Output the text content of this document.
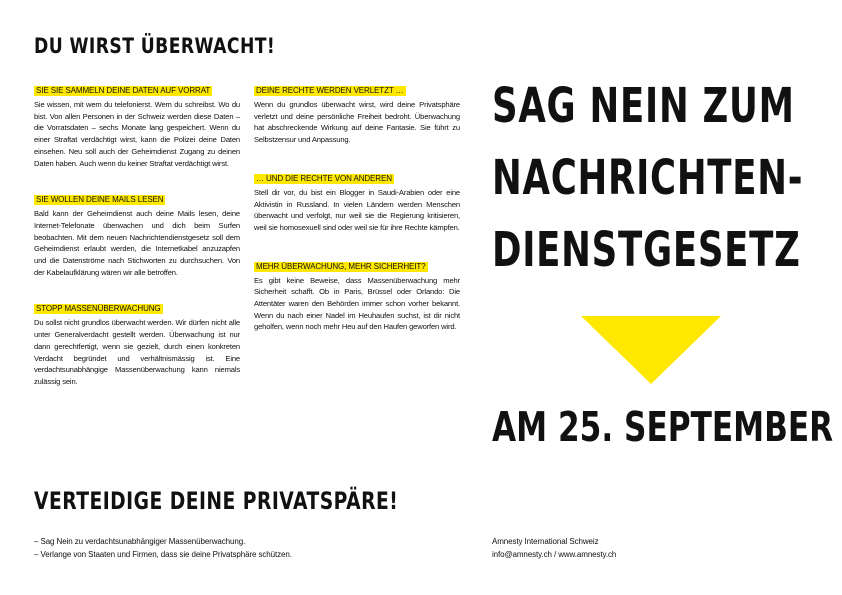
DU WIRST ÜBERWACHT!
SIE SIE SAMMELN DEINE DATEN AUF VORRAT

Sie wissen, mit wem du telefonierst. Wem du schreibst. Wo du bist. Von allen Personen in der Schweiz werden diese Daten – die Vorratsdaten – sechs Monate lang gespeichert. Wenn du einer Straftat verdächtigt wirst, kann die Polizei deine Daten einsehen. Neu soll auch der Geheimdienst Zugang zu deinen Daten haben. Auch wenn du keiner Straftat verdächtigt wirst.

SIE WOLLEN DEINE MAILS LESEN

Bald kann der Geheimdienst auch deine Mails lesen, deine Internet-Telefonate überwachen und dich beim Surfen beobachten. Mit dem neuen Nachrichtendienstgesetz soll dem Geheimdienst erlaubt werden, die Internetkabel anzuzapfen und die Datenströme nach Stichworten zu durchsuchen. Von der Kabelaufklärung wären wir alle betroffen.

STOPP MASSENÜBERWACHUNG

Du sollst nicht grundlos überwacht werden. Wir dürfen nicht alle unter Generalverdacht gestellt werden. Überwachung ist nur dann gerechtfertigt, wenn sie gezielt, durch einen konkreten Verdacht begründet und verhältnismässig ist. Eine verdachtsunabhängige Massenüberwachung kann niemals zulässig sein.

DEINE RECHTE WERDEN VERLETZT …

Wenn du grundlos überwacht wirst, wird deine Privatsphäre verletzt und deine persönliche Freiheit bedroht. Überwachung hat abschreckende Wirkung auf deine Fantasie. Sie führt zu Selbstzensur und Anpassung.

… UND DIE RECHTE VON ANDEREN

Stell dir vor, du bist ein Blogger in Saudi-Arabien oder eine Aktivistin in Russland. In vielen Ländern werden Menschen überwacht und verfolgt, nur weil sie die Regierung kritisieren, weil sie homosexuell sind oder weil sie für ihre Rechte kämpfen.

MEHR ÜBERWACHUNG, MEHR SICHERHEIT?

Es gibt keine Beweise, dass Massenüberwachung mehr Sicherheit schafft. Ob in Paris, Brüssel oder Orlando: Die Attentäter waren den Behörden immer schon vorher bekannt. Wenn du nach einer Nadel im Heuhaufen suchst, ist dir nicht geholfen, wenn noch mehr Heu auf den Haufen geworfen wird.

SAG NEIN ZUM
NACHRICHTEN-
DIENSTGESETZ
AM 25. SEPTEMBER
VERTEIDIGE DEINE PRIVATSPÄRE!
– Sag Nein zu verdachtsunabhängiger Massenüberwachung.
– Verlange von Staaten und Firmen, dass sie deine Privatsphäre schützen.
Amnesty International Schweiz
info@amnesty.ch / www.amnesty.ch
